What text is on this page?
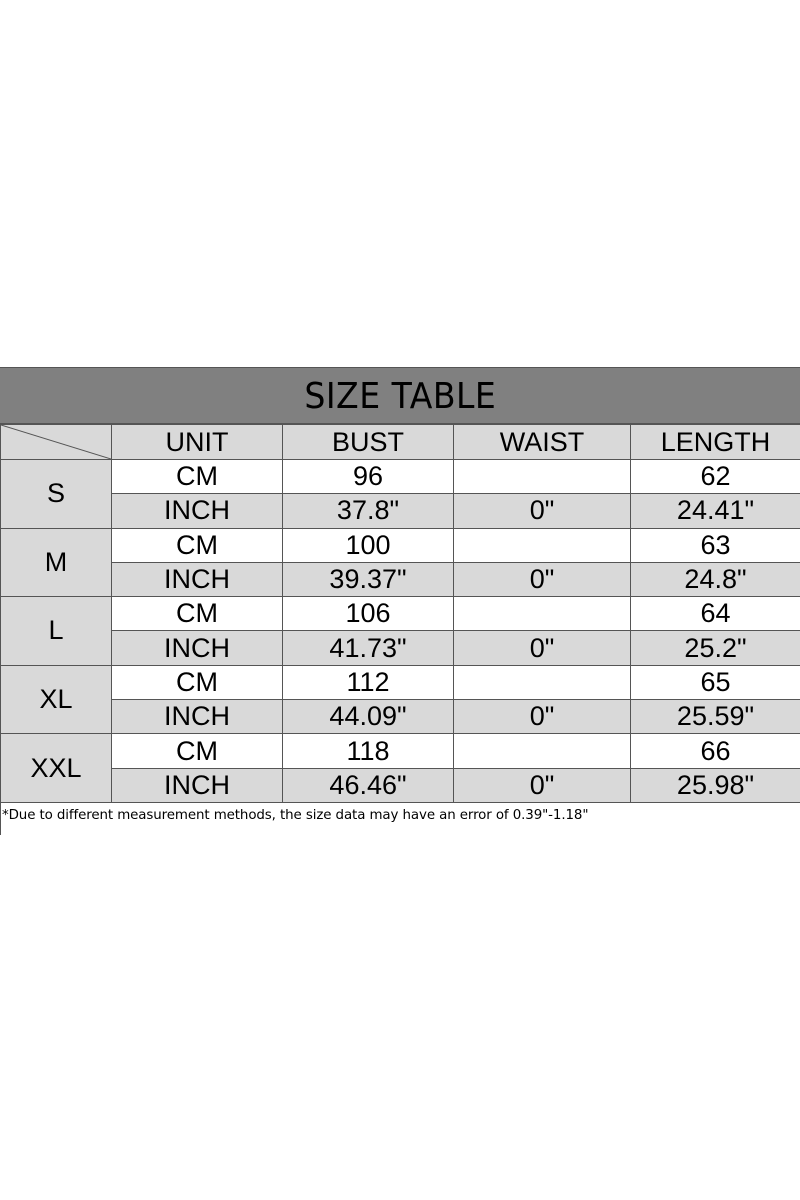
SIZE TABLE
	UNIT	BUST	WAIST	LENGTH
S	CM	96		62
	INCH	37.8"	0"	24.41"
M	CM	100		63
	INCH	39.37"	0"	24.8"
L	CM	106		64
	INCH	41.73"	0"	25.2"
XL	CM	112		65
	INCH	44.09"	0"	25.59"
XXL	CM	118		66
	INCH	46.46"	0"	25.98"
*Due to different measurement methods, the size data may have an error of 0.39"-1.18"
